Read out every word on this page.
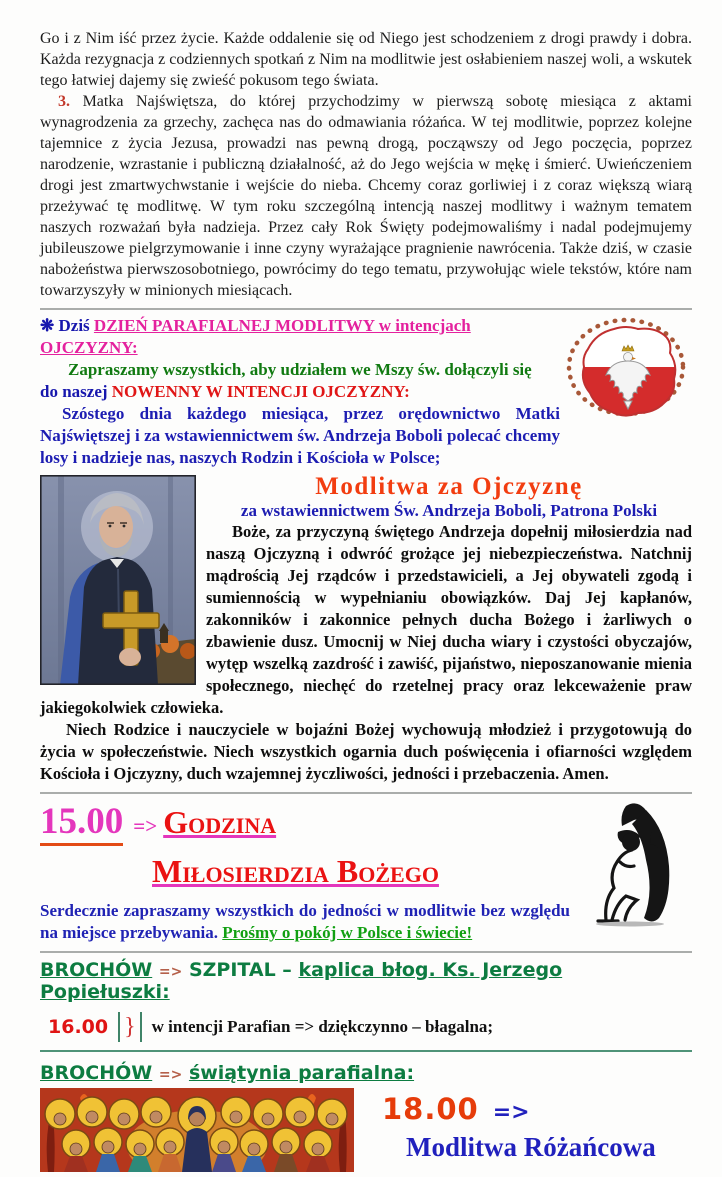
Go i z Nim iść przez życie. Każde oddalenie się od Niego jest schodzeniem z drogi prawdy i dobra. Każda rezygnacja z codziennych spotkań z Nim na modlitwie jest osłabieniem naszej woli, a wskutek tego łatwiej dajemy się zwieść pokusom tego świata.

3. Matka Najświętsza, do której przychodzimy w pierwszą sobotę miesiąca z aktami wynagrodzenia za grzechy, zachęca nas do odmawiania różańca. W tej modlitwie, poprzez kolejne tajemnice z życia Jezusa, prowadzi nas pewną drogą, począwszy od Jego poczęcia, poprzez narodzenie, wzrastanie i publiczną działalność, aż do Jego wejścia w mękę i śmierć. Uwieńczeniem drogi jest zmartwychwstanie i wejście do nieba. Chcemy coraz gorliwiej i z coraz większą wiarą przeżywać tę modlitwę. W tym roku szczególną intencją naszej modlitwy i ważnym tematem naszych rozważań była nadzieja. Przez cały Rok Święty podejmowaliśmy i nadal podejmujemy jubileuszowe pielgrzymowanie i inne czyny wyrażające pragnienie nawrócenia. Także dziś, w czasie nabożeństwa pierwszosobotniego, powrócimy do tego tematu, przywołując wiele tekstów, które nam towarzyszyły w minionych miesiącach.

❋ Dziś DZIEŃ PARAFIALNEJ MODLITWY w intencjach OJCZYZNY:

Zapraszamy wszystkich, aby udziałem we Mszy św. dołączyli się

do naszej NOWENNY W INTENCJI OJCZYZNY:

Szóstego dnia każdego miesiąca, przez orędownictwo Matki Najświętszej i za wstawiennictwem św. Andrzeja Boboli polecać chcemy losy i nadzieje nas, naszych Rodzin i Kościoła w Polsce;

Modlitwa za Ojczyznę
za wstawiennictwem Św. Andrzeja Boboli, Patrona Polski

Boże, za przyczyną świętego Andrzeja dopełnij miłosierdzia nad naszą Ojczyzną i odwróć grożące jej niebezpieczeństwa. Natchnij mądrością Jej rządców i przedstawicieli, a Jej obywateli zgodą i sumiennością w wypełnianiu obowiązków. Daj Jej kapłanów, zakonników i zakonnice pełnych ducha Bożego i żarliwych o zbawienie dusz. Umocnij w Niej ducha wiary i czystości obyczajów, wytęp wszelką zazdrość i zawiść, pijaństwo, nieposzanowanie mienia społecznego, niechęć do rzetelnej pracy oraz lekceważenie praw jakiegokolwiek człowieka.

Niech Rodzice i nauczyciele w bojaźni Bożej wychowują młodzież i przygotowują do życia w społeczeństwie. Niech wszystkich ogarnia duch poświęcenia i ofiarności względem Kościoła i Ojczyzny, duch wzajemnej życzliwości, jedności i przebaczenia. Amen.

15.00 => Godzina

Miłosierdzia Bożego

Serdecznie zapraszamy wszystkich do jedności w modlitwie bez względu na miejsce przebywania. Prośmy o pokój w Polsce i świecie!

BROCHÓW => SZPITAL – kaplica błog. Ks. Jerzego Popiełuszki:
16.00 } w intencji Parafian => dziękczynno – błagalna;
BROCHÓW => świątynia parafialna:
18.00 =>
Modlitwa Różańcowa
